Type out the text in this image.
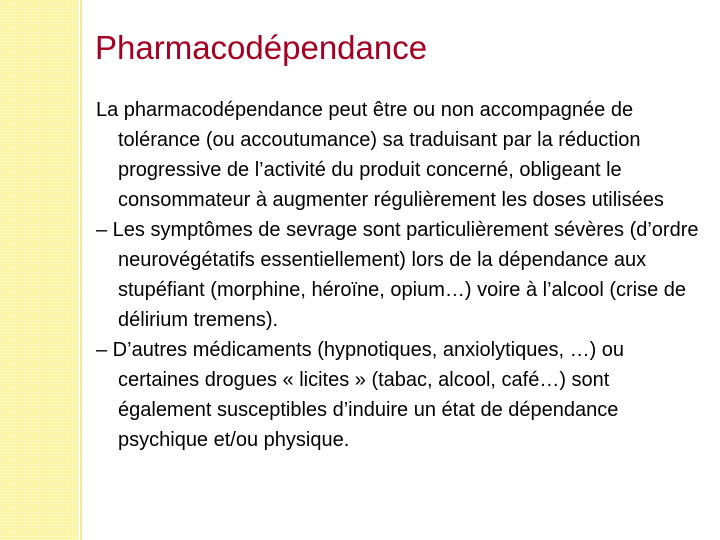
Pharmacodépendance

La pharmacodépendance peut être ou non accompagnée de tolérance (ou accoutumance) sa traduisant par la réduction progressive de l’activité du produit concerné, obligeant le consommateur à augmenter régulièrement les doses utilisées

– Les symptômes de sevrage sont particulièrement sévères (d’ordre neurovégétatifs essentiellement) lors de la dépendance aux stupéfiant (morphine, héroïne, opium…) voire à l’alcool (crise de délirium tremens).

– D’autres médicaments (hypnotiques, anxiolytiques, …) ou certaines drogues « licites » (tabac, alcool, café…) sont également susceptibles d’induire un état de dépendance psychique et/ou physique.
